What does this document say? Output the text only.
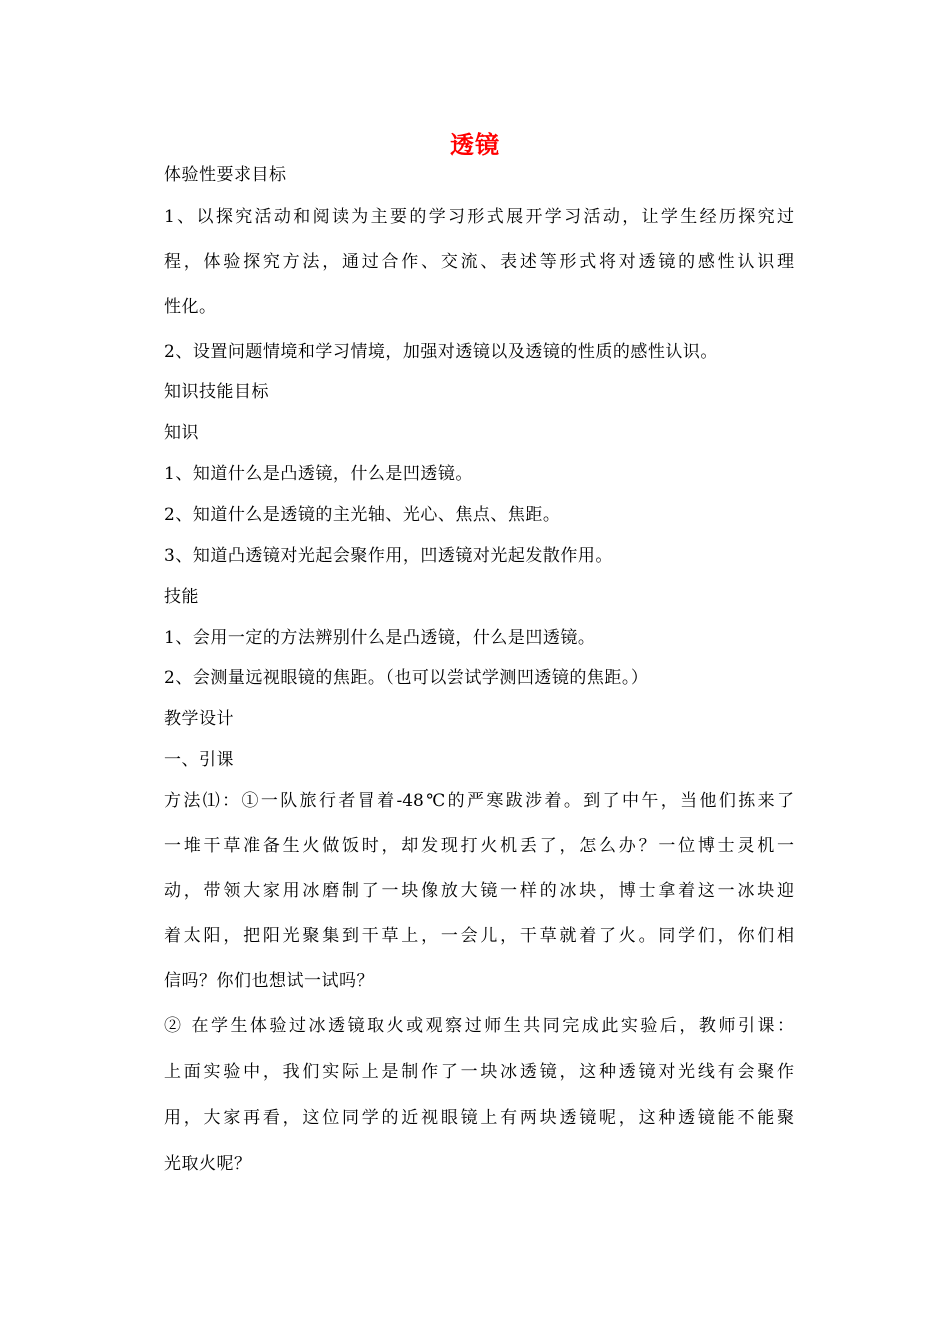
透镜
体验性要求目标
1、以探究活动和阅读为主要的学习形式展开学习活动，让学生经历探究过
程，体验探究方法，通过合作、交流、表述等形式将对透镜的感性认识理
性化。
2、设置问题情境和学习情境，加强对透镜以及透镜的性质的感性认识。
知识技能目标
知识
1、知道什么是凸透镜，什么是凹透镜。
2、知道什么是透镜的主光轴、光心、焦点、焦距。
3、知道凸透镜对光起会聚作用，凹透镜对光起发散作用。
技能
1、会用一定的方法辨别什么是凸透镜，什么是凹透镜。
2、会测量远视眼镜的焦距。（也可以尝试学测凹透镜的焦距。）
教学设计
一、引课
方法⑴：①一队旅行者冒着-48℃的严寒跋涉着。到了中午，当他们拣来了
一堆干草准备生火做饭时，却发现打火机丢了，怎么办？一位博士灵机一
动，带领大家用冰磨制了一块像放大镜一样的冰块，博士拿着这一冰块迎
着太阳，把阳光聚集到干草上，一会儿，干草就着了火。同学们，你们相
信吗？你们也想试一试吗？
② 在学生体验过冰透镜取火或观察过师生共同完成此实验后，教师引课：
上面实验中，我们实际上是制作了一块冰透镜，这种透镜对光线有会聚作
用，大家再看，这位同学的近视眼镜上有两块透镜呢，这种透镜能不能聚
光取火呢？
